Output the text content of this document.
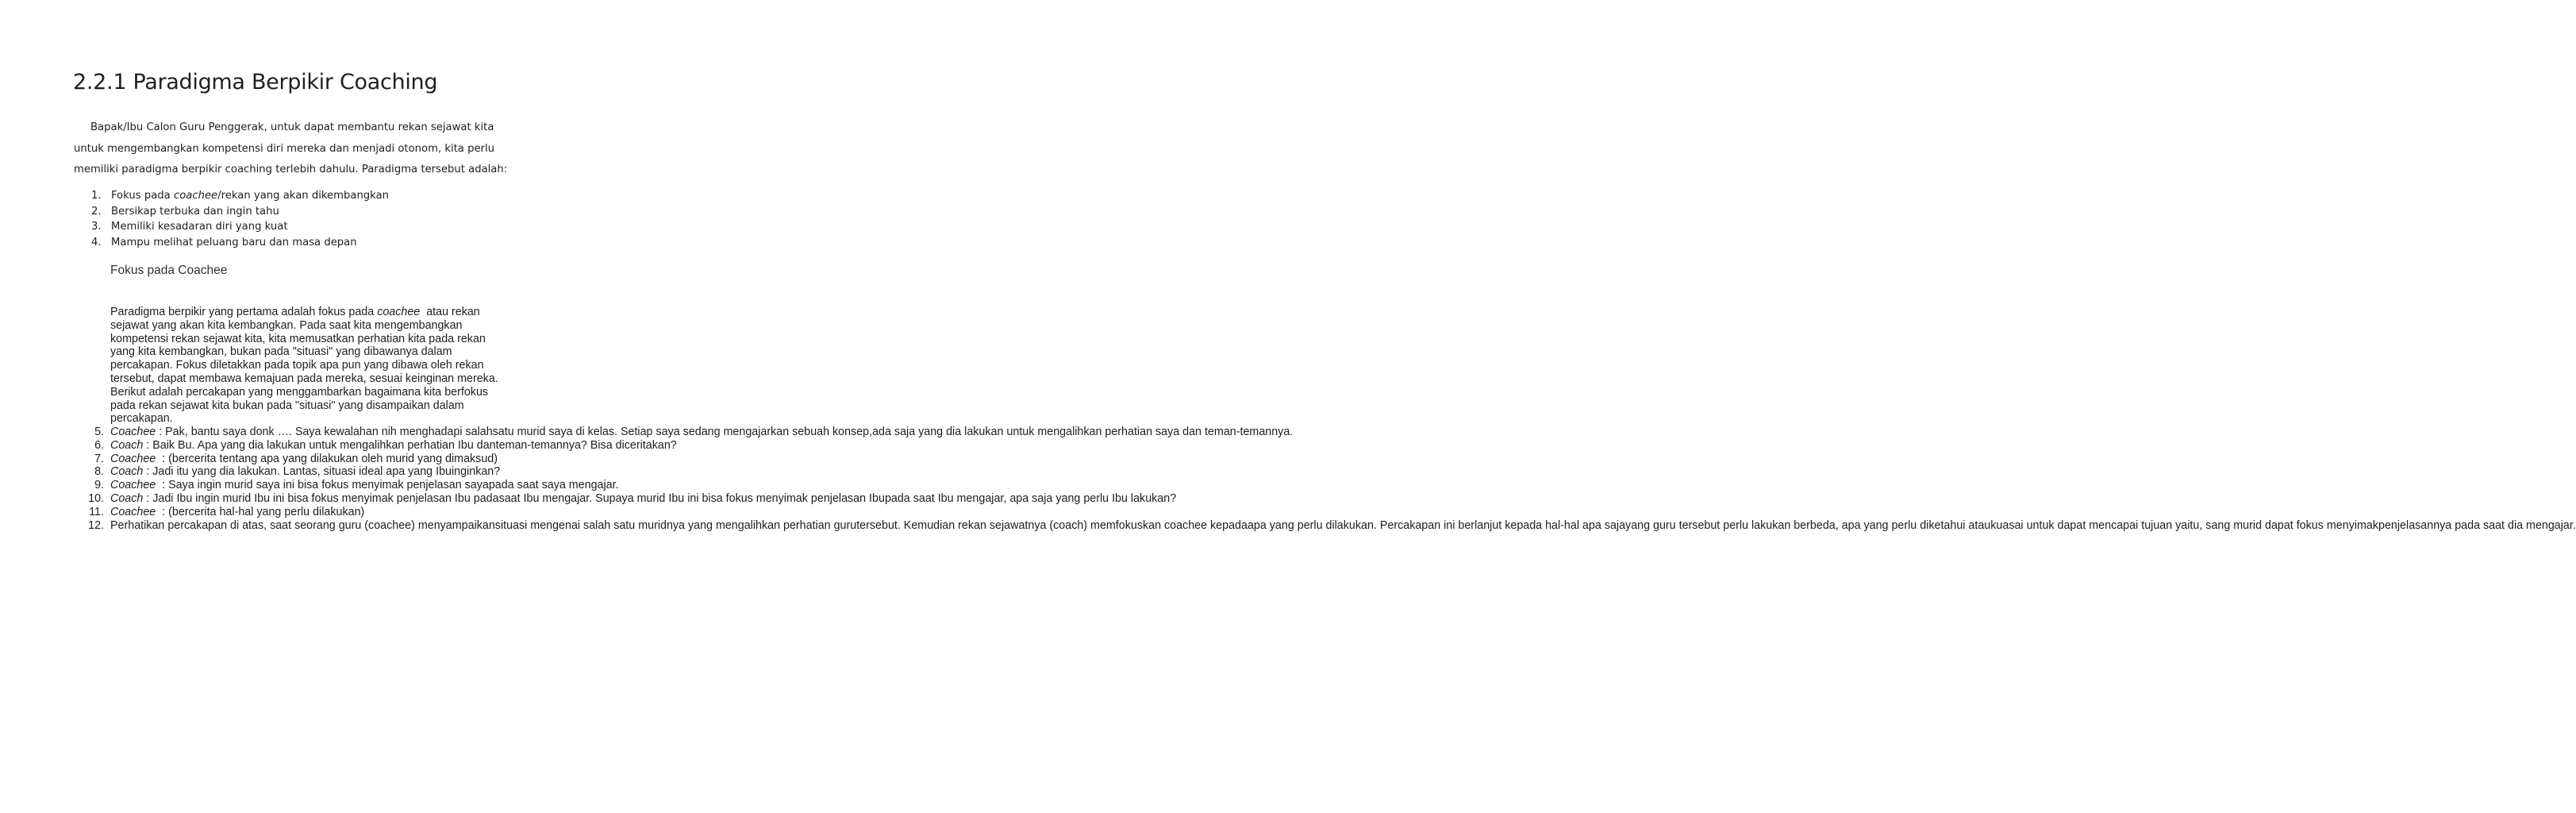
2.2.1 Paradigma Berpikir Coaching

Bapak/Ibu Calon Guru Penggerak, untuk dapat membantu rekan sejawat kita
untuk mengembangkan kompetensi diri mereka dan menjadi otonom, kita perlu
memiliki paradigma berpikir coaching terlebih dahulu. Paradigma tersebut adalah:

1. Fokus pada coachee/rekan yang akan dikembangkan
2. Bersikap terbuka dan ingin tahu
3. Memiliki kesadaran diri yang kuat
4. Mampu melihat peluang baru dan masa depan
Fokus pada Coachee
Paradigma berpikir yang pertama adalah fokus pada coachee  atau rekan
sejawat yang akan kita kembangkan. Pada saat kita mengembangkan
kompetensi rekan sejawat kita, kita memusatkan perhatian kita pada rekan
yang kita kembangkan, bukan pada "situasi" yang dibawanya dalam
percakapan. Fokus diletakkan pada topik apa pun yang dibawa oleh rekan
tersebut, dapat membawa kemajuan pada mereka, sesuai keinginan mereka.
Berikut adalah percakapan yang menggambarkan bagaimana kita berfokus
pada rekan sejawat kita bukan pada "situasi" yang disampaikan dalam
percakapan.
5. Coachee : Pak, bantu saya donk …. Saya kewalahan nih menghadapi salahsatu murid saya di kelas. Setiap saya sedang mengajarkan sebuah konsep,ada saja yang dia lakukan untuk mengalihkan perhatian saya dan teman-temannya.
6. Coach : Baik Bu. Apa yang dia lakukan untuk mengalihkan perhatian Ibu danteman-temannya? Bisa diceritakan?
7. Coachee  : (bercerita tentang apa yang dilakukan oleh murid yang dimaksud)
8. Coach : Jadi itu yang dia lakukan. Lantas, situasi ideal apa yang Ibuinginkan?
9. Coachee  : Saya ingin murid saya ini bisa fokus menyimak penjelasan sayapada saat saya mengajar.
10. Coach : Jadi Ibu ingin murid Ibu ini bisa fokus menyimak penjelasan Ibu padasaat Ibu mengajar. Supaya murid Ibu ini bisa fokus menyimak penjelasan Ibupada saat Ibu mengajar, apa saja yang perlu Ibu lakukan?
11. Coachee  : (bercerita hal-hal yang perlu dilakukan)
12. Perhatikan percakapan di atas, saat seorang guru (coachee) menyampaikansituasi mengenai salah satu muridnya yang mengalihkan perhatian gurutersebut. Kemudian rekan sejawatnya (coach) memfokuskan coachee kepadaapa yang perlu dilakukan. Percakapan ini berlanjut kepada hal-hal apa sajayang guru tersebut perlu lakukan berbeda, apa yang perlu diketahui ataukuasai untuk dapat mencapai tujuan yaitu, sang murid dapat fokus menyimakpenjelasannya pada saat dia mengajar.
